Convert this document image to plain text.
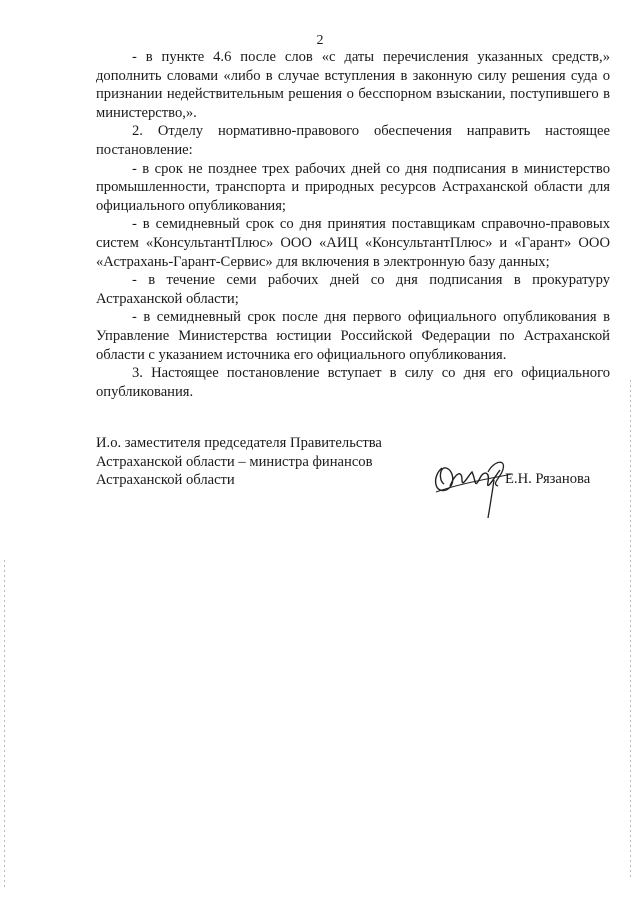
2

- в пункте 4.6 после слов «с даты перечисления указанных средств,» дополнить словами «либо в случае вступления в законную силу решения суда о признании недействительным решения о бесспорном взыскании, поступившего в министерство,».

2. Отделу нормативно-правового обеспечения направить настоящее постановление:

- в срок не позднее трех рабочих дней со дня подписания в министерство промышленности, транспорта и природных ресурсов Астраханской области для официального опубликования;

- в семидневный срок со дня принятия поставщикам справочно-правовых систем «КонсультантПлюс» ООО «АИЦ «КонсультантПлюс» и «Гарант» ООО «Астрахань-Гарант-Сервис» для включения в электронную базу данных;

- в течение семи рабочих дней со дня подписания в прокуратуру Астраханской области;

- в семидневный срок после дня первого официального опубликования в Управление Министерства юстиции Российской Федерации по Астраханской области с указанием источника его официального опубликования.

3. Настоящее постановление вступает в силу со дня его официального опубликования.

И.о. заместителя председателя Правительства
Астраханской области – министра финансов
Астраханской области	Е.Н. Рязанова
